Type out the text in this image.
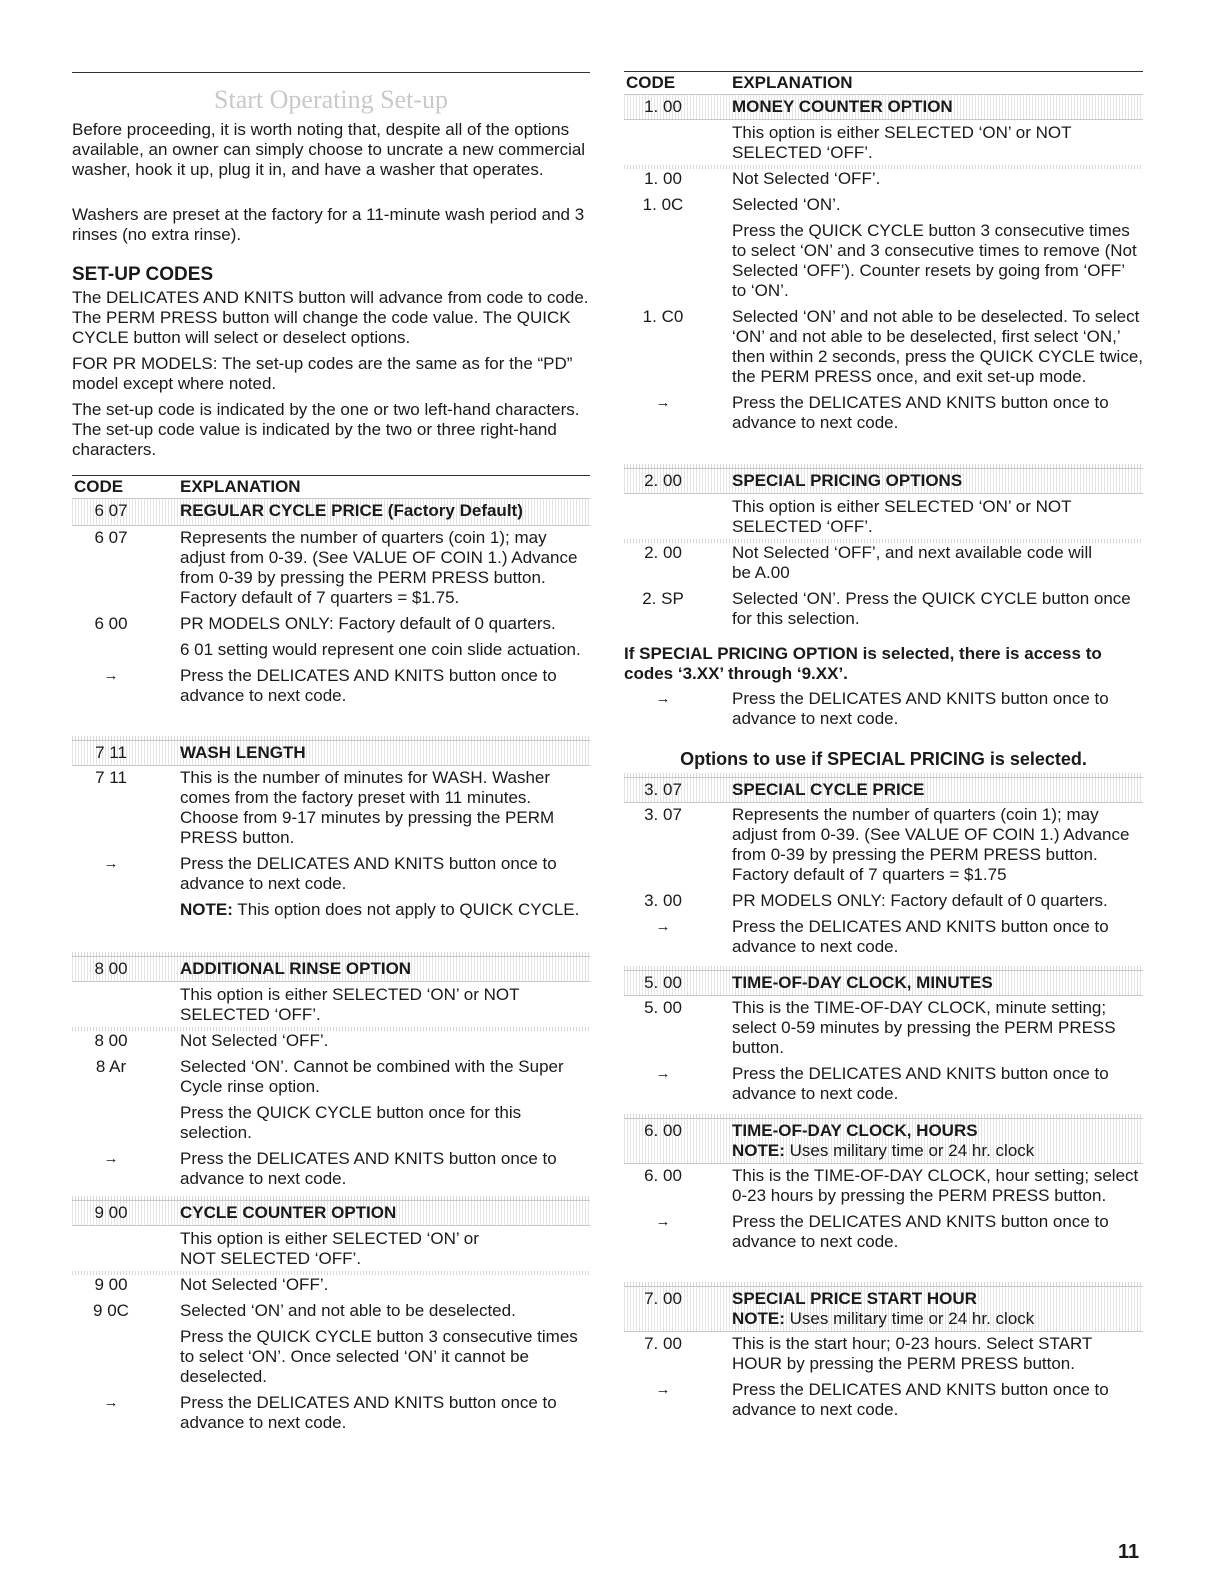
Start Operating Set-up

Before proceeding, it is worth noting that, despite all of the options available, an owner can simply choose to uncrate a new commercial washer, hook it up, plug it in, and have a washer that operates.

Washers are preset at the factory for a 11-minute wash period and 3 rinses (no extra rinse).

SET-UP CODES

The DELICATES AND KNITS button will advance from code to code. The PERM PRESS button will change the code value. The QUICK CYCLE button will select or deselect options.

FOR PR MODELS: The set-up codes are the same as for the “PD” model except where noted.

The set-up code is indicated by the one or two left-hand characters. The set-up code value is indicated by the two or three right-hand characters.

CODE	EXPLANATION
6 07	REGULAR CYCLE PRICE (Factory Default)
6 07	Represents the number of quarters (coin 1); may adjust from 0-39. (See VALUE OF COIN 1.) Advance from 0-39 by pressing the PERM PRESS button. Factory default of 7 quarters = $1.75.
6 00	PR MODELS ONLY: Factory default of 0 quarters.
6 01 setting would represent one coin slide actuation.
→	Press the DELICATES AND KNITS button once to advance to next code.
7 11	WASH LENGTH
7 11	This is the number of minutes for WASH. Washer comes from the factory preset with 11 minutes. Choose from 9-17 minutes by pressing the PERM PRESS button.
→	Press the DELICATES AND KNITS button once to advance to next code.
NOTE: This option does not apply to QUICK CYCLE.
8 00	ADDITIONAL RINSE OPTION
This option is either SELECTED ‘ON’ or NOT SELECTED ‘OFF’.
8 00	Not Selected ‘OFF’.
8 Ar	Selected ‘ON’. Cannot be combined with the Super Cycle rinse option.
Press the QUICK CYCLE button once for this selection.
→	Press the DELICATES AND KNITS button once to advance to next code.
9 00	CYCLE COUNTER OPTION
This option is either SELECTED ‘ON’ or NOT SELECTED ‘OFF’.
9 00	Not Selected ‘OFF’.
9 0C	Selected ‘ON’ and not able to be deselected.
Press the QUICK CYCLE button 3 consecutive times to select ‘ON’. Once selected ‘ON’ it cannot be deselected.
→	Press the DELICATES AND KNITS button once to advance to next code.
CODE	EXPLANATION
1. 00	MONEY COUNTER OPTION
This option is either SELECTED ‘ON’ or NOT SELECTED ‘OFF’.
1. 00	Not Selected ‘OFF’.
1. 0C	Selected ‘ON’.
Press the QUICK CYCLE button 3 consecutive times to select ‘ON’ and 3 consecutive times to remove (Not Selected ‘OFF’). Counter resets by going from ‘OFF’ to ‘ON’.
1. C0	Selected ‘ON’ and not able to be deselected. To select ‘ON’ and not able to be deselected, first select ‘ON,’ then within 2 seconds, press the QUICK CYCLE twice, the PERM PRESS once, and exit set-up mode.
→	Press the DELICATES AND KNITS button once to advance to next code.
2. 00	SPECIAL PRICING OPTIONS
This option is either SELECTED ‘ON’ or NOT SELECTED ‘OFF’.
2. 00	Not Selected ‘OFF’, and next available code will be A.00
2. SP	Selected ‘ON’. Press the QUICK CYCLE button once for this selection.

If SPECIAL PRICING OPTION is selected, there is access to codes ‘3.XX’ through ‘9.XX’.

→	Press the DELICATES AND KNITS button once to advance to next code.

Options to use if SPECIAL PRICING is selected.

3. 07	SPECIAL CYCLE PRICE
3. 07	Represents the number of quarters (coin 1); may adjust from 0-39. (See VALUE OF COIN 1.) Advance from 0-39 by pressing the PERM PRESS button. Factory default of 7 quarters = $1.75
3. 00	PR MODELS ONLY: Factory default of 0 quarters.
→	Press the DELICATES AND KNITS button once to advance to next code.
5. 00	TIME-OF-DAY CLOCK, MINUTES
5. 00	This is the TIME-OF-DAY CLOCK, minute setting; select 0-59 minutes by pressing the PERM PRESS button.
→	Press the DELICATES AND KNITS button once to advance to next code.
6. 00	TIME-OF-DAY CLOCK, HOURS
NOTE: Uses military time or 24 hr. clock
6. 00	This is the TIME-OF-DAY CLOCK, hour setting; select 0-23 hours by pressing the PERM PRESS button.
→	Press the DELICATES AND KNITS button once to advance to next code.
7. 00	SPECIAL PRICE START HOUR
NOTE: Uses military time or 24 hr. clock
7. 00	This is the start hour; 0-23 hours. Select START HOUR by pressing the PERM PRESS button.
→	Press the DELICATES AND KNITS button once to advance to next code.
11
